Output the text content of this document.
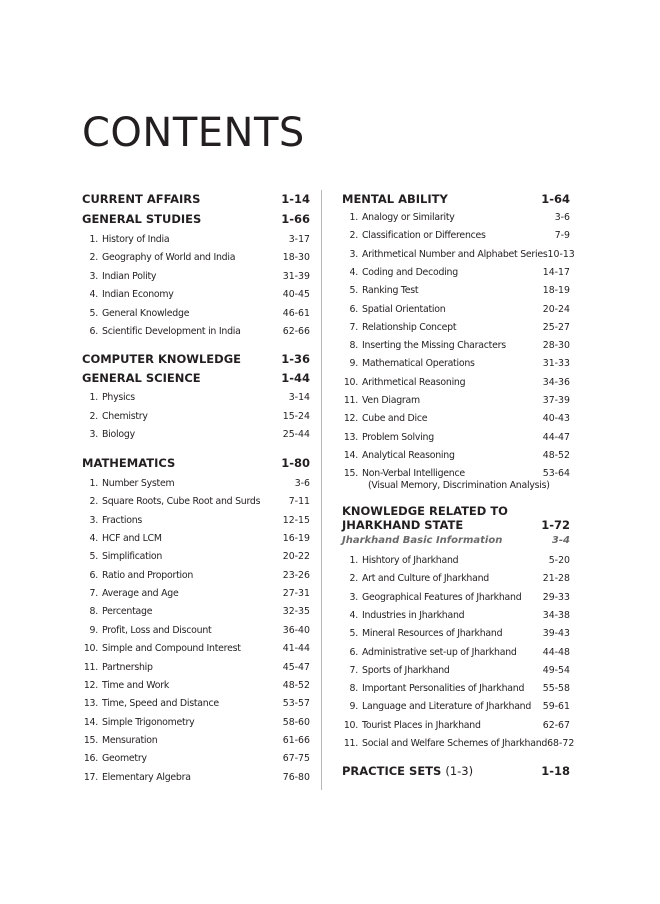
CONTENTS
CURRENT AFFAIRS	1-14
GENERAL STUDIES	1-66
1. History of India	3-17
2. Geography of World and India	18-30
3. Indian Polity	31-39
4. Indian Economy	40-45
5. General Knowledge	46-61
6. Scientific Development in India	62-66
COMPUTER KNOWLEDGE	1-36
GENERAL SCIENCE	1-44
1. Physics	3-14
2. Chemistry	15-24
3. Biology	25-44
MATHEMATICS	1-80
1. Number System	3-6
2. Square Roots, Cube Root and Surds	7-11
3. Fractions	12-15
4. HCF and LCM	16-19
5. Simplification	20-22
6. Ratio and Proportion	23-26
7. Average and Age	27-31
8. Percentage	32-35
9. Profit, Loss and Discount	36-40
10. Simple and Compound Interest	41-44
11. Partnership	45-47
12. Time and Work	48-52
13. Time, Speed and Distance	53-57
14. Simple Trigonometry	58-60
15. Mensuration	61-66
16. Geometry	67-75
17. Elementary Algebra	76-80
MENTAL ABILITY	1-64
1. Analogy or Similarity	3-6
2. Classification or Differences	7-9
3. Arithmetical Number and Alphabet Series 10-13
4. Coding and Decoding	14-17
5. Ranking Test	18-19
6. Spatial Orientation	20-24
7. Relationship Concept	25-27
8. Inserting the Missing Characters	28-30
9. Mathematical Operations	31-33
10. Arithmetical Reasoning	34-36
11. Ven Diagram	37-39
12. Cube and Dice	40-43
13. Problem Solving	44-47
14. Analytical Reasoning	48-52
15. Non-Verbal Intelligence	53-64
(Visual Memory, Discrimination Analysis)
KNOWLEDGE RELATED TO
JHARKHAND STATE	1-72
Jharkhand Basic Information	3-4
1. Hishtory of Jharkhand	5-20
2. Art and Culture of Jharkhand	21-28
3. Geographical Features of Jharkhand 29-33
4. Industries in Jharkhand	34-38
5. Mineral Resources of Jharkhand	39-43
6. Administrative set-up of Jharkhand	44-48
7. Sports of Jharkhand	49-54
8. Important Personalities of Jharkhand 55-58
9. Language and Literature of Jharkhand 59-61
10. Tourist Places in Jharkhand	62-67
11. Social and Welfare Schemes of Jharkhand 68-72
PRACTICE SETS (1-3)	1-18
